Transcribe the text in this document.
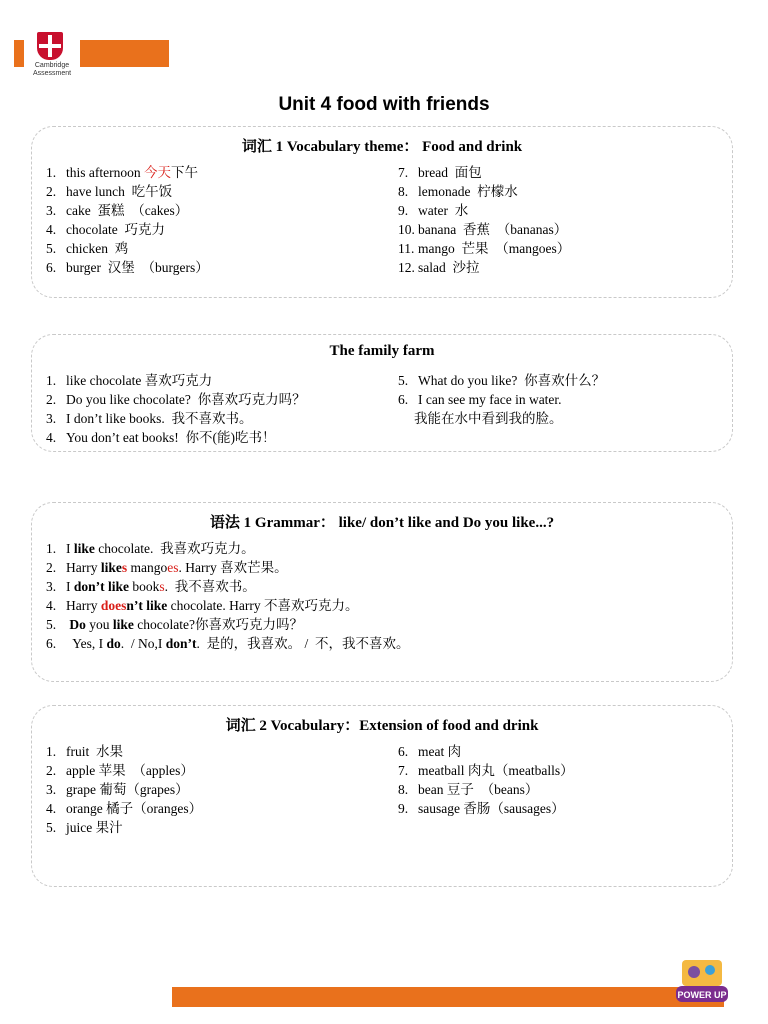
Cambridge
Assessment
Unit 4 food with friends
词汇 1 Vocabulary theme： Food and drink
1. this afternoon 今天下午
2. have lunch  吃午饭
3. cake  蛋糕  （cakes）
4. chocolate  巧克力
5. chicken  鸡
6. burger  汉堡  （burgers）
7. bread  面包
8. lemonade  柠檬水
9. water  水
10. banana  香蕉  （bananas）
11. mango  芒果  （mangoes）
12. salad  沙拉
The family farm
1. like chocolate 喜欢巧克力
2. Do you like chocolate?  你喜欢巧克力吗？
3. I don’t like books.  我不喜欢书。
4. You don’t eat books!  你不(能)吃书！
5. What do you like?  你喜欢什么？
6. I can see my face in water.
我能在水中看到我的脸。
语法 1 Grammar： like/ don’t like and Do you like...?
1. I like chocolate.  我喜欢巧克力。
2. Harry likes mangoes. Harry 喜欢芒果。
3. I don’t like books.  我不喜欢书。
4. Harry doesn’t like chocolate. Harry 不喜欢巧克力。
5. Do you like chocolate?你喜欢巧克力吗？
6.  Yes, I do.  / No,I don’t.  是的，我喜欢。 /  不，我不喜欢。
词汇 2 Vocabulary：Extension of food and drink
1. fruit  水果
2. apple 苹果  （apples）
3. grape 葡萄（grapes）
4. orange 橘子（oranges）
5. juice 果汁
6. meat 肉
7. meatball 肉丸（meatballs）
8. bean 豆子  （beans）
9. sausage 香肠（sausages）
POWER UP
